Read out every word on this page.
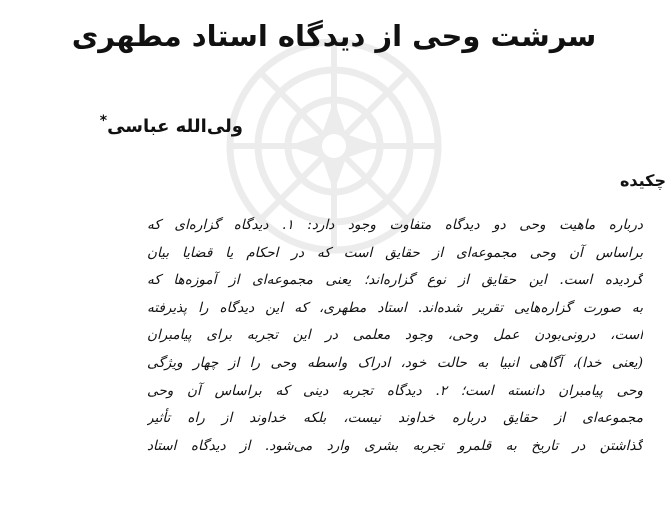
سرشت وحی از دیدگاه استاد مطهری
ولی‌الله عباسی*
چکیده
درباره ماهیت وحی دو دیدگاه متفاوت وجود دارد: ۱. دیدگاه گزاره‌ای که
براساس آن وحی مجموعه‌ای از حقایق است که در احکام یا قضایا بیان
گردیده است. این حقایق از نوع گزاره‌اند؛ یعنی مجموعه‌ای از آموزه‌ها که
به صورت گزاره‌هایی تقریر شده‌اند. استاد مطهری، که این دیدگاه را پذیرفته
است، درونی‌بودن عمل وحی، وجود معلمی در این تجربه برای پیامبران
(یعنی خدا)، آگاهی انبیا به حالت خود، ادراک واسطه وحی را از چهار ویژگی
وحی پیامبران دانسته است؛ ۲. دیدگاه تجربه دینی که براساس آن وحی
مجموعه‌ای از حقایق درباره خداوند نیست، بلکه خداوند از راه تأثیر
گذاشتن در تاریخ به قلمرو تجربه بشری وارد می‌شود. از دیدگاه استاد
